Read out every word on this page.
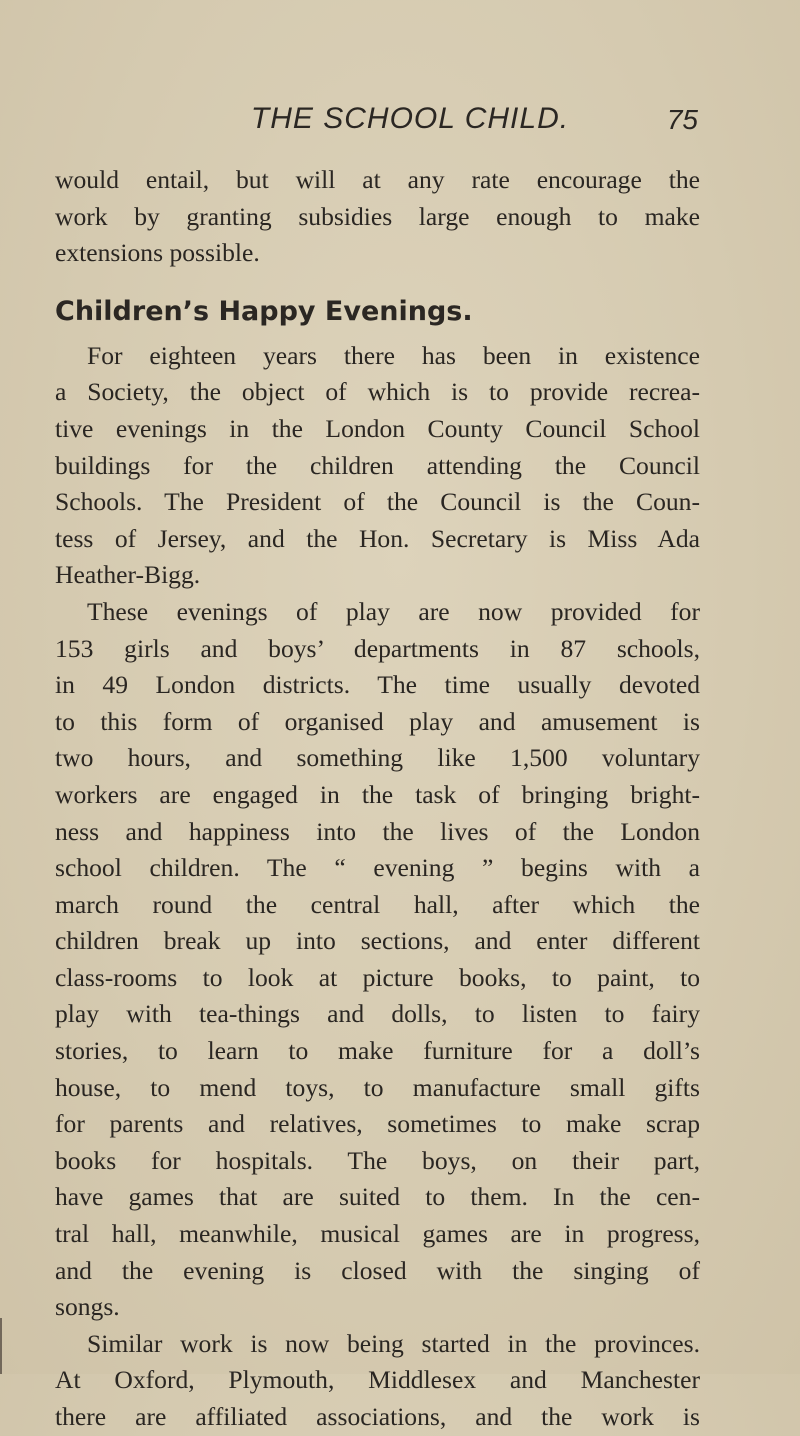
THE SCHOOL CHILD.	75
would entail, but will at any rate encourage the
work by granting subsidies large enough to make
extensions possible.
Children’s Happy Evenings.
For eighteen years there has been in existence
a Society, the object of which is to provide recrea-
tive evenings in the London County Council School
buildings for the children attending the Council
Schools. The President of the Council is the Coun-
tess of Jersey, and the Hon. Secretary is Miss Ada
Heather-Bigg.
These evenings of play are now provided for
153 girls and boys’ departments in 87 schools,
in 49 London districts. The time usually devoted
to this form of organised play and amusement is
two hours, and something like 1,500 voluntary
workers are engaged in the task of bringing bright-
ness and happiness into the lives of the London
school children. The “ evening ” begins with a
march round the central hall, after which the
children break up into sections, and enter different
class-rooms to look at picture books, to paint, to
play with tea-things and dolls, to listen to fairy
stories, to learn to make furniture for a doll’s
house, to mend toys, to manufacture small gifts
for parents and relatives, sometimes to make scrap
books for hospitals. The boys, on their part,
have games that are suited to them. In the cen-
tral hall, meanwhile, musical games are in progress,
and the evening is closed with the singing of
songs.
Similar work is now being started in the provinces.
At Oxford, Plymouth, Middlesex and Manchester
there are affiliated associations, and the work is
